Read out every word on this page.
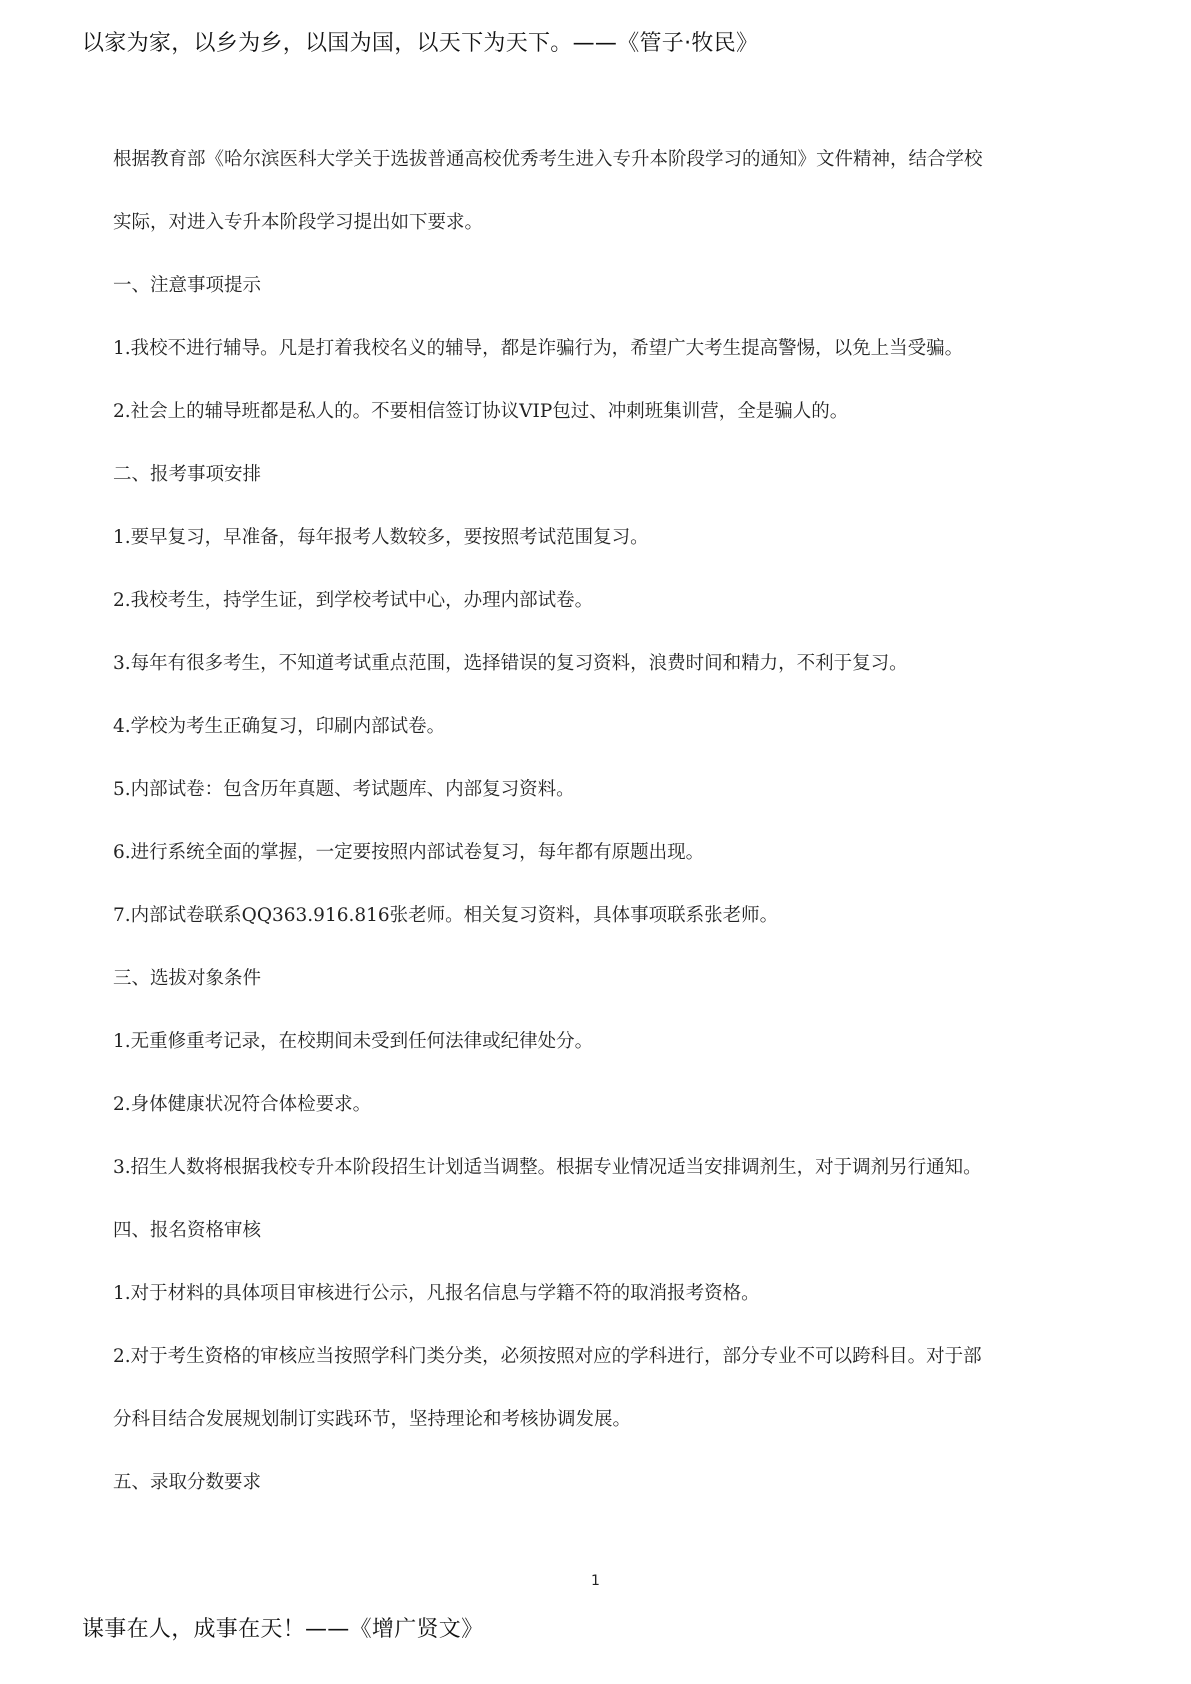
以家为家，以乡为乡，以国为国，以天下为天下。——《管子·牧民》
根据教育部《哈尔滨医科大学关于选拔普通高校优秀考生进入专升本阶段学习的通知》文件精神，结合学校
实际，对进入专升本阶段学习提出如下要求。
一、注意事项提示
1.我校不进行辅导。凡是打着我校名义的辅导，都是诈骗行为，希望广大考生提高警惕，以免上当受骗。
2.社会上的辅导班都是私人的。不要相信签订协议VIP包过、冲刺班集训营，全是骗人的。
二、报考事项安排
1.要早复习，早准备，每年报考人数较多，要按照考试范围复习。
2.我校考生，持学生证，到学校考试中心，办理内部试卷。
3.每年有很多考生，不知道考试重点范围，选择错误的复习资料，浪费时间和精力，不利于复习。
4.学校为考生正确复习，印刷内部试卷。
5.内部试卷：包含历年真题、考试题库、内部复习资料。
6.进行系统全面的掌握，一定要按照内部试卷复习，每年都有原题出现。
7.内部试卷联系QQ363.916.816张老师。相关复习资料，具体事项联系张老师。
三、选拔对象条件
1.无重修重考记录，在校期间未受到任何法律或纪律处分。
2.身体健康状况符合体检要求。
3.招生人数将根据我校专升本阶段招生计划适当调整。根据专业情况适当安排调剂生，对于调剂另行通知。
四、报名资格审核
1.对于材料的具体项目审核进行公示，凡报名信息与学籍不符的取消报考资格。
2.对于考生资格的审核应当按照学科门类分类，必须按照对应的学科进行，部分专业不可以跨科目。对于部
分科目结合发展规划制订实践环节，坚持理论和考核协调发展。
五、录取分数要求
1
谋事在人，成事在天！——《增广贤文》
